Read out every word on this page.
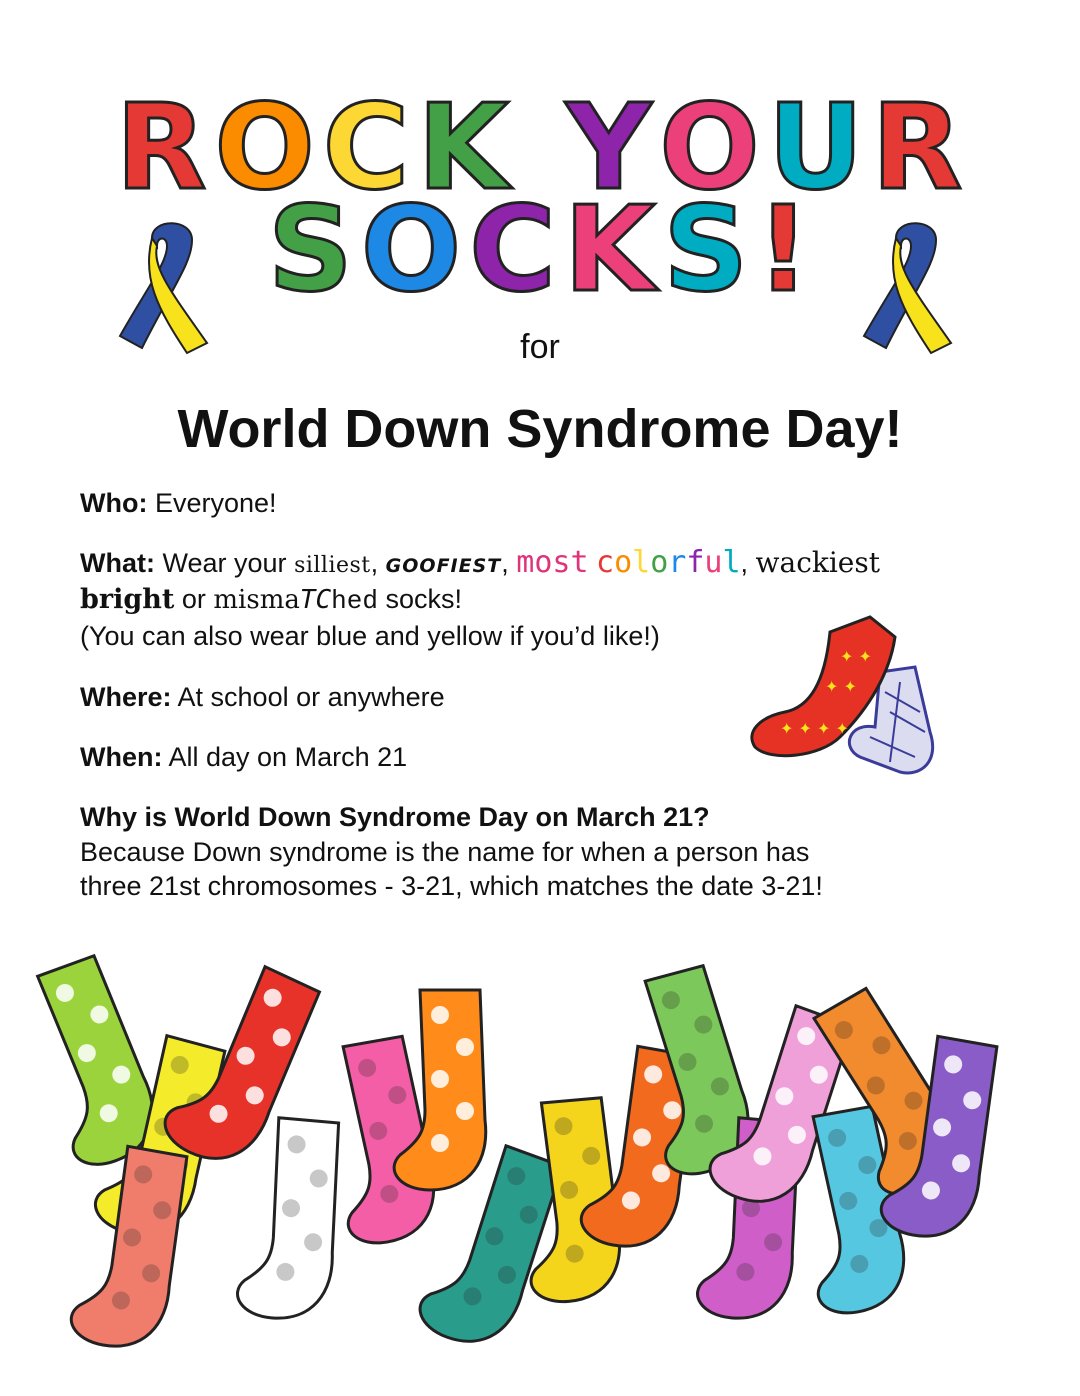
ROCK YOUR
SOCKS!
for
World Down Syndrome Day!
Who: Everyone!
What: Wear your silliest, GOOFIEST, most colorful, wackiest
bright or mismaTChed socks!
(You can also wear blue and yellow if you’d like!)
Where: At school or anywhere
When: All day on March 21
Why is World Down Syndrome Day on March 21?
Because Down syndrome is the name for when a person has
three 21st chromosomes - 3-21, which matches the date 3-21!
✦ ✦
✦ ✦
✦ ✦ ✦ ✦
